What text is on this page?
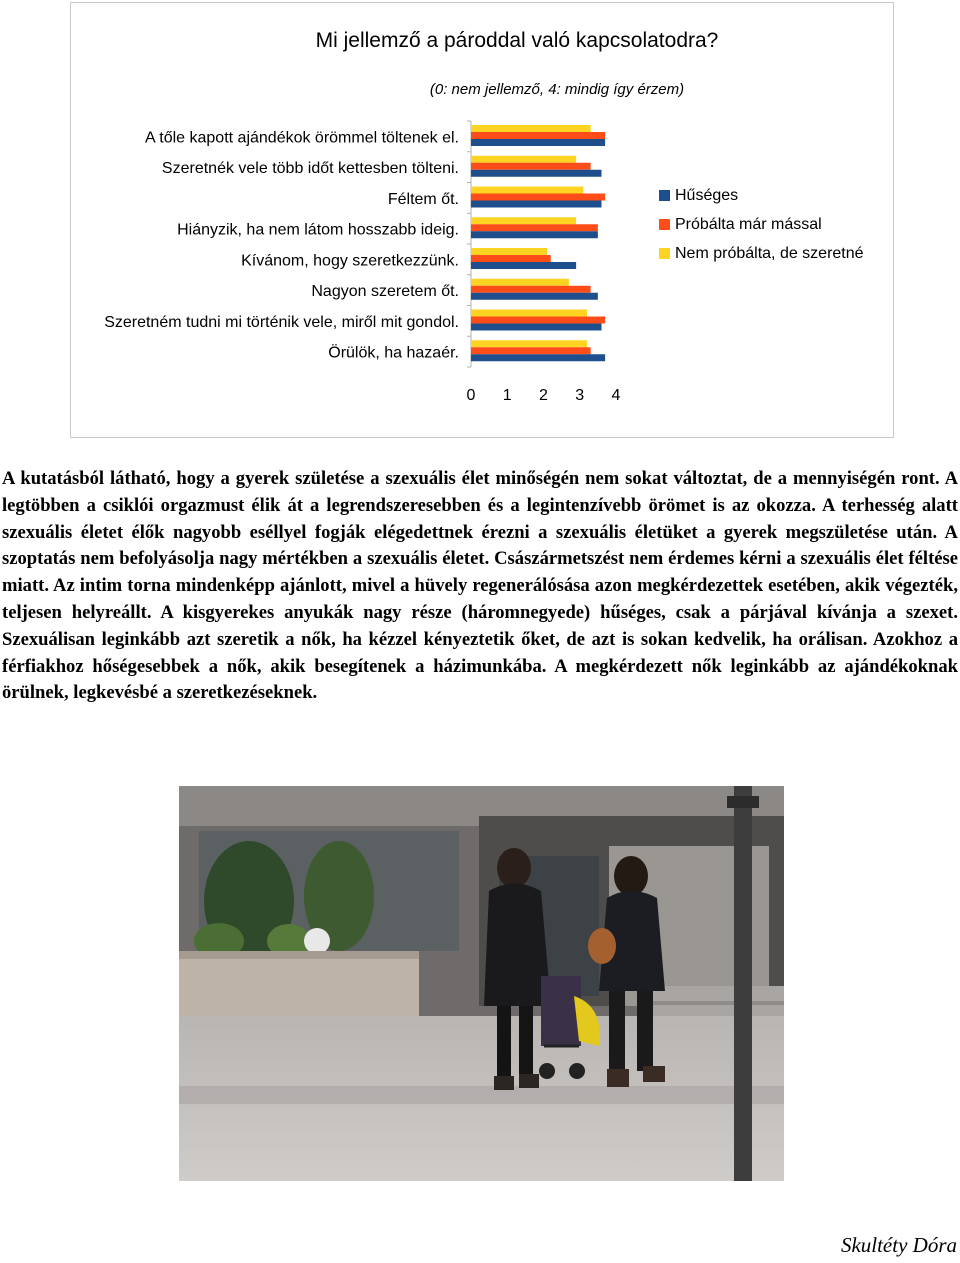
Mi jellemző a pároddal való kapcsolatodra?
(0: nem jellemző, 4: mindig így érzem)
A tőle kapott ajándékok örömmel töltenek el.
Szeretnék vele több időt kettesben tölteni.
Féltem őt.
Hiányzik, ha nem látom hosszabb ideig.
Kívánom, hogy szeretkezzünk.
Nagyon szeretem őt.
Szeretném tudni mi történik vele, miről mit gondol.
Örülök, ha hazaér.
0 1 2 3 4
Hűséges
Próbálta már mással
Nem próbálta, de szeretné

A kutatásból látható, hogy a gyerek születése a szexuális élet minőségén nem sokat változtat, de a mennyiségén ront. A legtöbben a csiklói orgazmust élik át a legrendszeresebben és a legintenzívebb örömet is az okozza. A terhesség alatt szexuális életet élők nagyobb eséllyel fogják elégedettnek érezni a szexuális életüket a gyerek megszületése után. A szoptatás nem befolyásolja nagy mértékben a szexuális életet. Császármetszést nem érdemes kérni a szexuális élet féltése miatt. Az intim torna mindenképp ajánlott, mivel a hüvely regenerálósása azon megkérdezettek esetében, akik végezték, teljesen helyreállt. A kisgyerekes anyukák nagy része (háromnegyede) hűséges, csak a párjával kívánja a szexet. Szexuálisan leginkább azt szeretik a nők, ha kézzel kényeztetik őket, de azt is sokan kedvelik, ha orálisan. Azokhoz a férfiakhoz hőségesebbek a nők, akik besegítenek a házimunkába. A megkérdezett nők leginkább az ajándékoknak örülnek, legkevésbé a szeretkezéseknek.

Skultéty Dóra
